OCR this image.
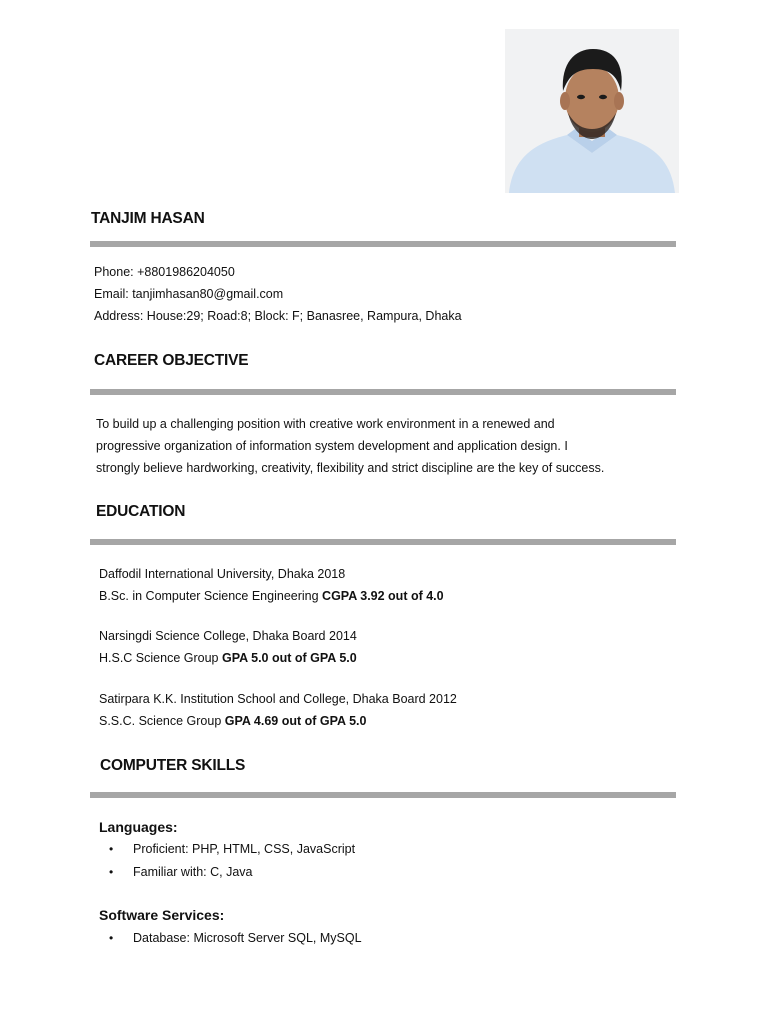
TANJIM HASAN
Phone: +8801986204050
Email: tanjimhasan80@gmail.com
Address: House:29; Road:8; Block: F; Banasree, Rampura, Dhaka
CAREER OBJECTIVE
To build up a challenging position with creative work environment in a renewed and
progressive organization of information system development and application design. I
strongly believe hardworking, creativity, flexibility and strict discipline are the key of success.
EDUCATION
Daffodil International University, Dhaka 2018
B.Sc. in Computer Science Engineering CGPA 3.92 out of 4.0
Narsingdi Science College, Dhaka Board 2014
H.S.C Science Group GPA 5.0 out of GPA 5.0
Satirpara K.K. Institution School and College, Dhaka Board 2012
S.S.C. Science Group GPA 4.69 out of GPA 5.0
COMPUTER SKILLS
Languages:
• Proficient: PHP, HTML, CSS, JavaScript
• Familiar with: C, Java
Software Services:
• Database: Microsoft Server SQL, MySQL
